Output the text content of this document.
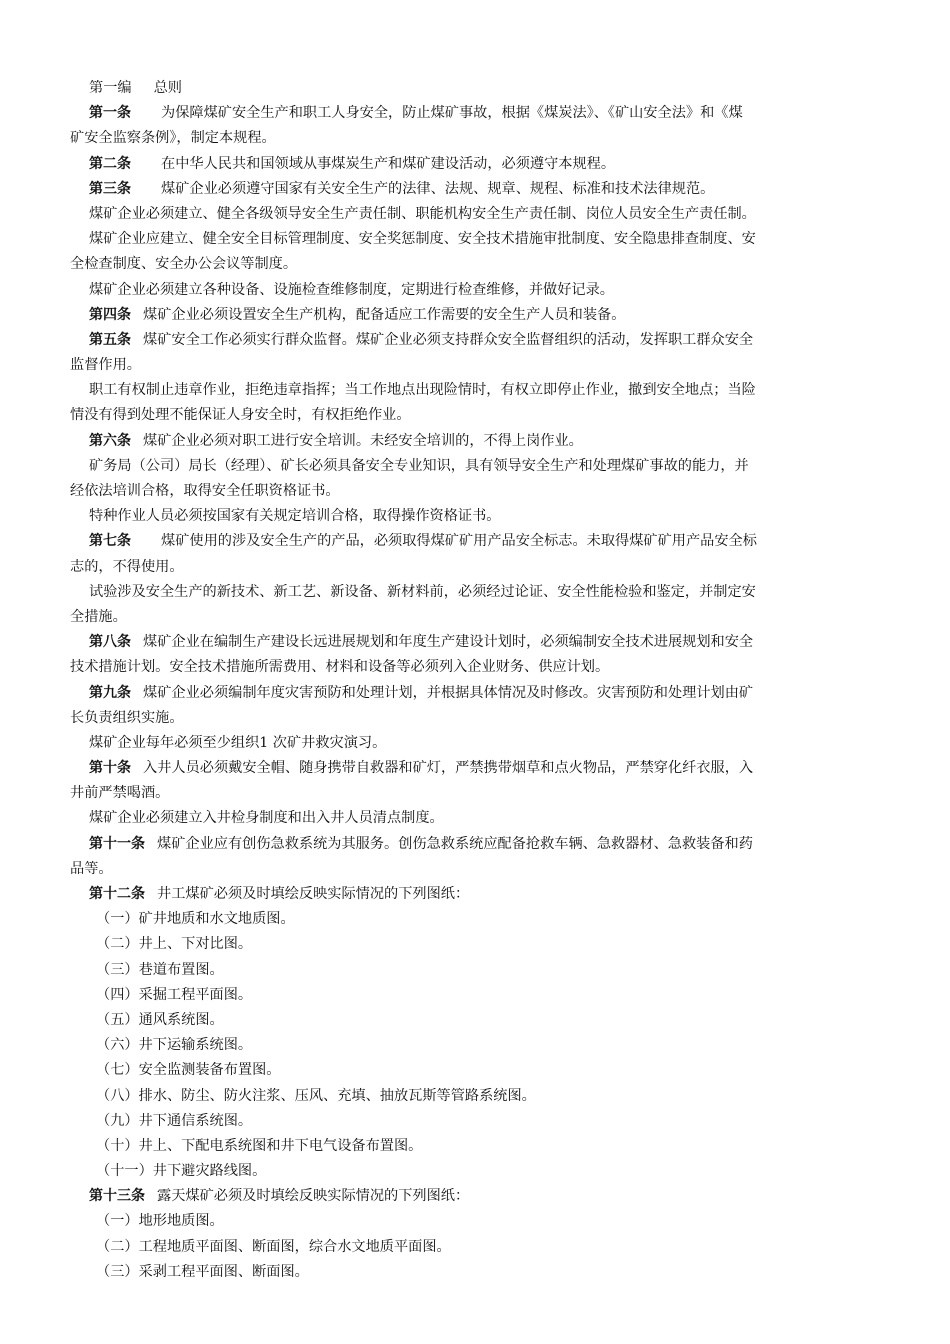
第一编 总则
第一条 为保障煤矿安全生产和职工人身安全，防止煤矿事故，根据《煤炭法》、《矿山安全法》和《煤
矿安全监察条例》，制定本规程。
第二条 在中华人民共和国领域从事煤炭生产和煤矿建设活动，必须遵守本规程。
第三条 煤矿企业必须遵守国家有关安全生产的法律、法规、规章、规程、标准和技术法律规范。
煤矿企业必须建立、健全各级领导安全生产责任制、职能机构安全生产责任制、岗位人员安全生产责任制。
煤矿企业应建立、健全安全目标管理制度、安全奖惩制度、安全技术措施审批制度、安全隐患排查制度、安
全检查制度、安全办公会议等制度。
煤矿企业必须建立各种设备、设施检查维修制度，定期进行检查维修，并做好记录。
第四条 煤矿企业必须设置安全生产机构，配备适应工作需要的安全生产人员和装备。
第五条 煤矿安全工作必须实行群众监督。煤矿企业必须支持群众安全监督组织的活动，发挥职工群众安全
监督作用。
职工有权制止违章作业，拒绝违章指挥；当工作地点出现险情时，有权立即停止作业，撤到安全地点；当险
情没有得到处理不能保证人身安全时，有权拒绝作业。
第六条 煤矿企业必须对职工进行安全培训。未经安全培训的，不得上岗作业。
矿务局（公司）局长（经理）、矿长必须具备安全专业知识，具有领导安全生产和处理煤矿事故的能力，并
经依法培训合格，取得安全任职资格证书。
特种作业人员必须按国家有关规定培训合格，取得操作资格证书。
第七条 煤矿使用的涉及安全生产的产品，必须取得煤矿矿用产品安全标志。未取得煤矿矿用产品安全标
志的，不得使用。
试验涉及安全生产的新技术、新工艺、新设备、新材料前，必须经过论证、安全性能检验和鉴定，并制定安
全措施。
第八条 煤矿企业在编制生产建设长远进展规划和年度生产建设计划时，必须编制安全技术进展规划和安全
技术措施计划。安全技术措施所需费用、材料和设备等必须列入企业财务、供应计划。
第九条 煤矿企业必须编制年度灾害预防和处理计划，并根据具体情况及时修改。灾害预防和处理计划由矿
长负责组织实施。
煤矿企业每年必须至少组织1 次矿井救灾演习。
第十条 入井人员必须戴安全帽、随身携带自救器和矿灯，严禁携带烟草和点火物品，严禁穿化纤衣服，入
井前严禁喝酒。
煤矿企业必须建立入井检身制度和出入井人员清点制度。
第十一条 煤矿企业应有创伤急救系统为其服务。创伤急救系统应配备抢救车辆、急救器材、急救装备和药
品等。
第十二条 井工煤矿必须及时填绘反映实际情况的下列图纸：
（一）矿井地质和水文地质图。
（二）井上、下对比图。
（三）巷道布置图。
（四）采掘工程平面图。
（五）通风系统图。
（六）井下运输系统图。
（七）安全监测装备布置图。
（八）排水、防尘、防火注浆、压风、充填、抽放瓦斯等管路系统图。
（九）井下通信系统图。
（十）井上、下配电系统图和井下电气设备布置图。
（十一）井下避灾路线图。
第十三条 露天煤矿必须及时填绘反映实际情况的下列图纸：
（一）地形地质图。
（二）工程地质平面图、断面图，综合水文地质平面图。
（三）采剥工程平面图、断面图。
